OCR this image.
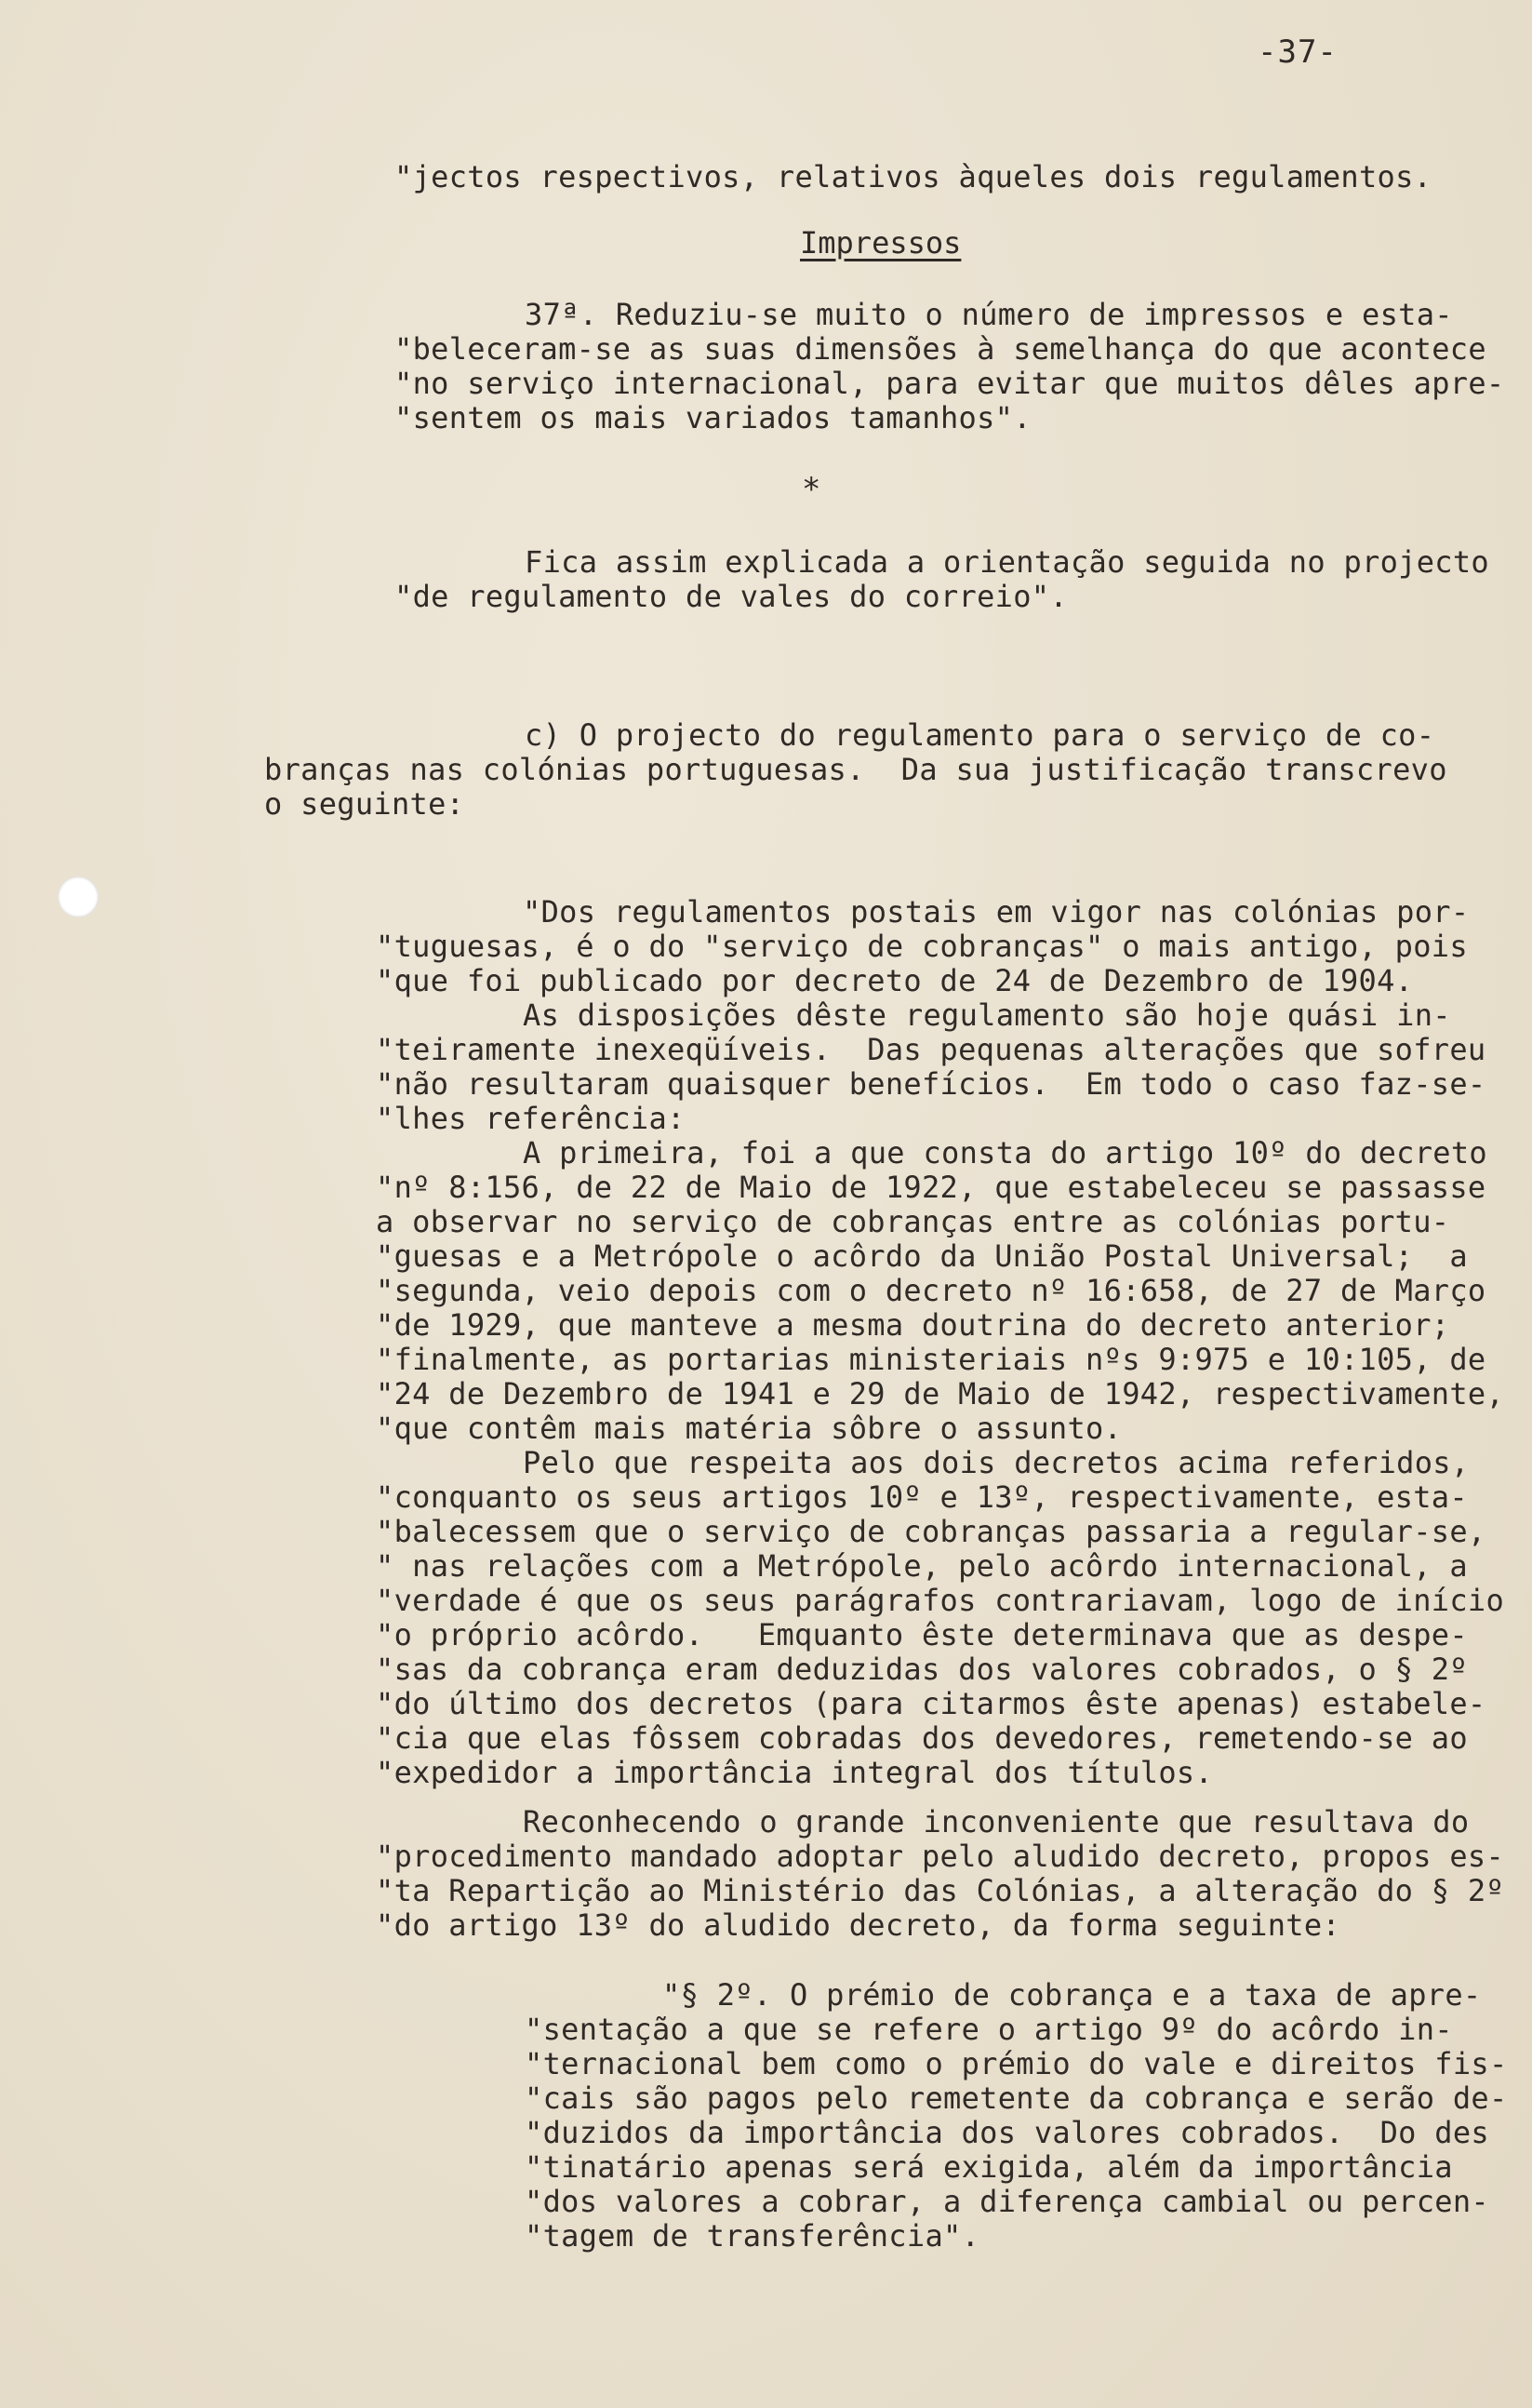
-37-
"jectos respectivos, relativos àqueles dois regulamentos.
Impressos
37ª. Reduziu-se muito o número de impressos e esta-
"beleceram-se as suas dimensões à semelhança do que acontece
"no serviço internacional, para evitar que muitos dêles apre-
"sentem os mais variados tamanhos".
*
Fica assim explicada a orientação seguida no projecto
"de regulamento de vales do correio".
c) O projecto do regulamento para o serviço de co-
branças nas colónias portuguesas.  Da sua justificação transcrevo
o seguinte:
"Dos regulamentos postais em vigor nas colónias por-
"tuguesas, é o do "serviço de cobranças" o mais antigo, pois
"que foi publicado por decreto de 24 de Dezembro de 1904.
As disposições dêste regulamento são hoje quási in-
"teiramente inexeqüíveis.  Das pequenas alterações que sofreu
"não resultaram quaisquer benefícios.  Em todo o caso faz-se-
"lhes referência:
A primeira, foi a que consta do artigo 10º do decreto
"nº 8:156, de 22 de Maio de 1922, que estabeleceu se passasse
a observar no serviço de cobranças entre as colónias portu-
"guesas e a Metrópole o acôrdo da União Postal Universal;  a
"segunda, veio depois com o decreto nº 16:658, de 27 de Março
"de 1929, que manteve a mesma doutrina do decreto anterior;
"finalmente, as portarias ministeriais nºs 9:975 e 10:105, de
"24 de Dezembro de 1941 e 29 de Maio de 1942, respectivamente,
"que contêm mais matéria sôbre o assunto.
Pelo que respeita aos dois decretos acima referidos,
"conquanto os seus artigos 10º e 13º, respectivamente, esta-
"balecessem que o serviço de cobranças passaria a regular-se,
" nas relações com a Metrópole, pelo acôrdo internacional, a
"verdade é que os seus parágrafos contrariavam, logo de início
"o próprio acôrdo.   Emquanto êste determinava que as despe-
"sas da cobrança eram deduzidas dos valores cobrados, o § 2º
"do último dos decretos (para citarmos êste apenas) estabele-
"cia que elas fôssem cobradas dos devedores, remetendo-se ao
"expedidor a importância integral dos títulos.
Reconhecendo o grande inconveniente que resultava do
"procedimento mandado adoptar pelo aludido decreto, propos es-
"ta Repartição ao Ministério das Colónias, a alteração do § 2º
"do artigo 13º do aludido decreto, da forma seguinte:
"§ 2º. O prémio de cobrança e a taxa de apre-
"sentação a que se refere o artigo 9º do acôrdo in-
"ternacional bem como o prémio do vale e direitos fis-
"cais são pagos pelo remetente da cobrança e serão de-
"duzidos da importância dos valores cobrados.  Do des
"tinatário apenas será exigida, além da importância
"dos valores a cobrar, a diferença cambial ou percen-
"tagem de transferência".
